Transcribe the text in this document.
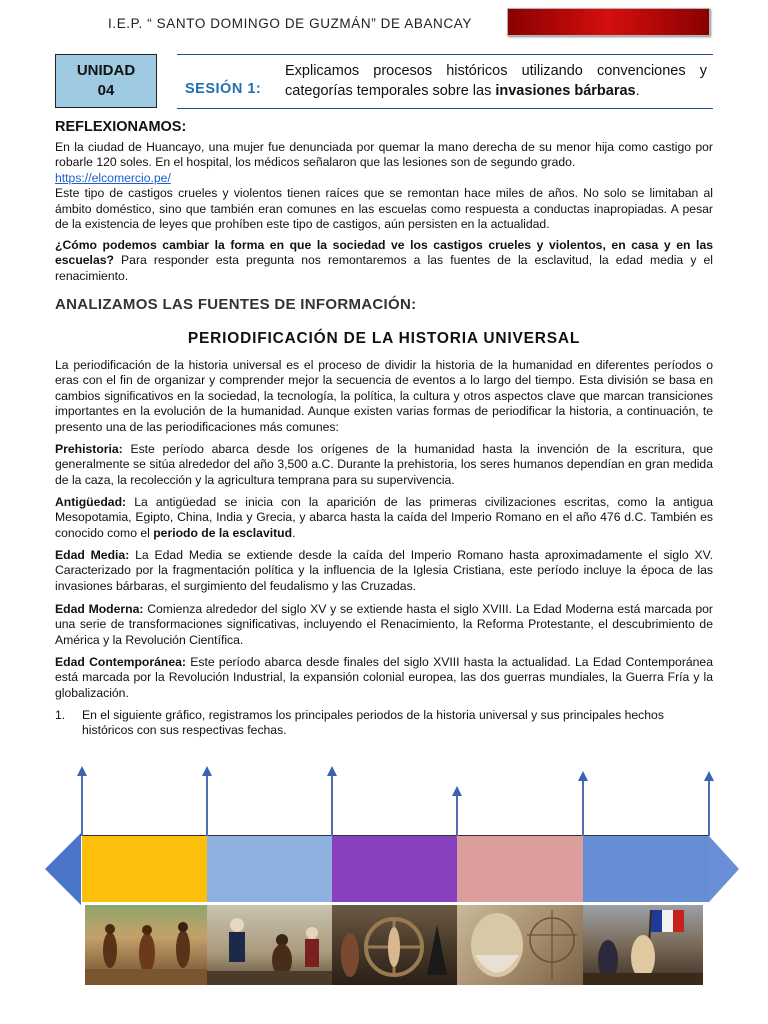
I.E.P. “ SANTO DOMINGO DE GUZMÁN” DE ABANCAY
UNIDAD
04	SESIÓN 1:
Explicamos procesos históricos utilizando convenciones y categorías temporales sobre las invasiones bárbaras.
REFLEXIONAMOS:
En la ciudad de Huancayo, una mujer fue denunciada por quemar la mano derecha de su menor hija como castigo por robarle 120 soles. En el hospital, los médicos señalaron que las lesiones son de segundo grado.
https://elcomercio.pe/
Este tipo de castigos crueles y violentos tienen raíces que se remontan hace miles de años. No solo se limitaban al ámbito doméstico, sino que también eran comunes en las escuelas como respuesta a conductas inapropiadas. A pesar de la existencia de leyes que prohíben este tipo de castigos, aún persisten en la actualidad.
¿Cómo podemos cambiar la forma en que la sociedad ve los castigos crueles y violentos, en casa y en las escuelas? Para responder esta pregunta nos remontaremos a las fuentes de la esclavitud, la edad media y el renacimiento.
ANALIZAMOS LAS FUENTES DE INFORMACIÓN:
PERIODIFICACIÓN DE LA HISTORIA UNIVERSAL
La periodificación de la historia universal es el proceso de dividir la historia de la humanidad en diferentes períodos o eras con el fin de organizar y comprender mejor la secuencia de eventos a lo largo del tiempo. Esta división se basa en cambios significativos en la sociedad, la tecnología, la política, la cultura y otros aspectos clave que marcan transiciones importantes en la evolución de la humanidad. Aunque existen varias formas de periodificar la historia, a continuación, te presento una de las periodificaciones más comunes:
Prehistoria: Este período abarca desde los orígenes de la humanidad hasta la invención de la escritura, que generalmente se sitúa alrededor del año 3,500 a.C. Durante la prehistoria, los seres humanos dependían en gran medida de la caza, la recolección y la agricultura temprana para su supervivencia.
Antigüedad: La antigüedad se inicia con la aparición de las primeras civilizaciones escritas, como la antigua Mesopotamia, Egipto, China, India y Grecia, y abarca hasta la caída del Imperio Romano en el año 476 d.C. También es conocido como el periodo de la esclavitud.
Edad Media: La Edad Media se extiende desde la caída del Imperio Romano hasta aproximadamente el siglo XV. Caracterizado por la fragmentación política y la influencia de la Iglesia Cristiana, este período incluye la época de las invasiones bárbaras, el surgimiento del feudalismo y las Cruzadas.
Edad Moderna: Comienza alrededor del siglo XV y se extiende hasta el siglo XVIII. La Edad Moderna está marcada por una serie de transformaciones significativas, incluyendo el Renacimiento, la Reforma Protestante, el descubrimiento de América y la Revolución Científica.
Edad Contemporánea: Este período abarca desde finales del siglo XVIII hasta la actualidad. La Edad Contemporánea está marcada por la Revolución Industrial, la expansión colonial europea, las dos guerras mundiales, la Guerra Fría y la globalización.
1. En el siguiente gráfico, registramos los principales periodos de la historia universal y sus principales hechos históricos con sus respectivas fechas.
